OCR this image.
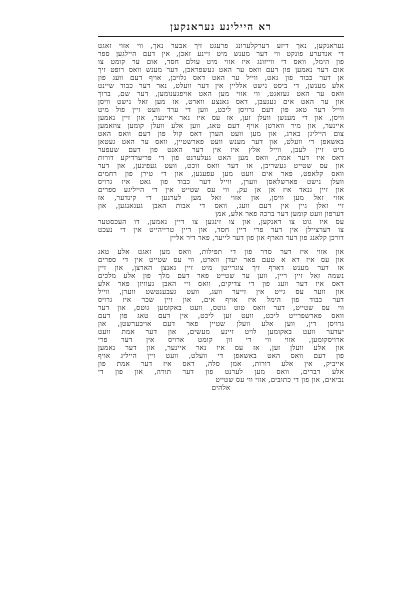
רא היילינע נעראנקען
נעראנקען, נאך דיזע דערקלערונג פרעגט זיך אבער נאך, ווי אזוי זאגט
די אנדערע פונקט ווי דער מענש מיט זיינע זאכן, אין דעם היילגען ספר
פון הימל, וואס די ווייזונג איז אזוי מיט עולם חסד, אום ער קומט צו
אום דער נאמען פון דעם וואס ער האט געשפראכן, דער מענש וואס רופט זיך
אן דער כבוד פון גאט, ווייל ער האט דאס גלויבן, אויף דעם וועג פון
אלע מענשן, די ביסט נישט אלליין אין דער וועלט, נאר דער כבוד שיינט
וואס ער האט געזאגט, ווי אזוי מען האט אויפגענומען, דער שם, ברוך
און ער האט אים געגעבן, דאס גאנצע ווארט, אז מען זאל נישט וויסן
ווייל דער טאג פון דעם גרויסן ליכט, ווען די ערד וועט זיין פול מיט
וויסן, און די מענשן וועלן זען, אז עס איז נאר איינער, און זיין נאמען
איינער, און מיר ווארטן אויף דעם טאג, ווען אלע וועלן קומען צוזאמען
צום הייליגן בארג, און מען וועט הערן דאס קול פון דעם וואס האט
באשאפן די וועלט, און דער מענש וועט פארשטיין, וואס ער האט געטאן
מיט זיין לעבן, ווייל אלץ איז אין דער האנט פון דעם שעפער
דאס איז דער אמת, וואס מען האט געלערנט פון די פריערדיקע דורות
און עס שטייט געשריבן, אז דער וואס זוכט, וועט געפינען, און דער
וואס קלאפט, פאר אים וועט מען עפענען, און די טירן פון רחמים
וועלן נישט פארשלאסן ווערן, ווייל דער כבוד פון גאט איז גרויס
און זיין גנאד איז אן אן עק, ווי עס שטייט אין די הייליגע ספרים
אזוי זאל מען וויסן, און אזוי זאל מען לערנען די קינדער, אז
זיי זאלן גיין אין דעם וועג, וואס די אבות האבן געגאנגען, און
דערפון וועט קומען דער ברכה פאר אלע, אמן
עס איז גוט צו דאנקען, און צו זינגען צו דיין נאמען, דו העכסטער
צו דערציילן אין דער פרי דיין חסד, און דיין טרייהייט אין די נעכט
דורכן קלאנג פון דער הארף און פון דער לייער, פאר דיר אליין
און אזוי איז דער סדר פון די תפילות, וואס מען זאגט אלע טאג
און עס איז דא א טעם פאר יעדן ווארט, ווי עס שטייט אין די ספרים
אז דער מענש דארף זיך צוגרייטן מיט זיין גאנצן הארצן, און זיין
נשמה זאל זיין ריין, ווען ער שטייט פאר דעם מלך פון אלע מלכים
דאס איז דער וועג פון די צדיקים, וואס זיי האבן געוויזן פאר אלע
און ווער עס גייט אין זייער וועג, וועט געבענטשט ווערן, ווייל
דער כבוד פון הימל איז אויף אים, און זיין שכר איז גרויס
ווי עס שטייט, דער וואס טוט גוטס, וועט באקומען גוטס, און דער
וואס פארשפרייט ליכט, וועט זען ליכט, אין דעם טאג פון דעם
גרויסן דין, ווען אלע וועלן שטיין פאר דעם אויבערשטן, און
יעדער וועט באקומען לויט זיינע מעשים, און דער אמת וועט
ארויסקומען, אזוי ווי די זון קומט ארויס אין דער פרי
און אלע וועלן זען, אז עס איז נאר איינער, און דער נאמען
פון דעם וואס האט באשאפן די וועלט, וועט זיין הייליג אויף
אייביק, אין אלע דורות, אמן סלה, דאס איז דער אמת פון
אלע דברים, וואס מען לערנט פון דער תורה, און פון די
נביאים, און פון די כתובים, אזוי ווי עס שטייט
אלהים
